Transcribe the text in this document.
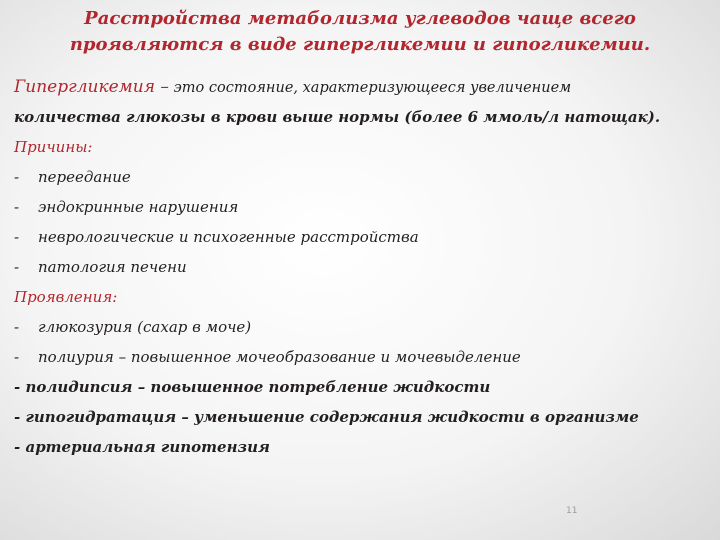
Расстройства метаболизма углеводов чаще всего
проявляются в виде гипергликемии и гипогликемии.
Гипергликемия – это состояние, характеризующееся увеличением
количества глюкозы в крови выше нормы (более 6 ммоль/л натощак).
Причины:
- переедание
- эндокринные нарушения
- неврологические и психогенные расстройства
- патология печени
Проявления:
- глюкозурия (сахар в моче)
- полиурия – повышенное мочеобразование и мочевыделение
- полидипсия – повышенное потребление жидкости
- гипогидратация – уменьшение содержания жидкости в организме
- артериальная гипотензия
11
